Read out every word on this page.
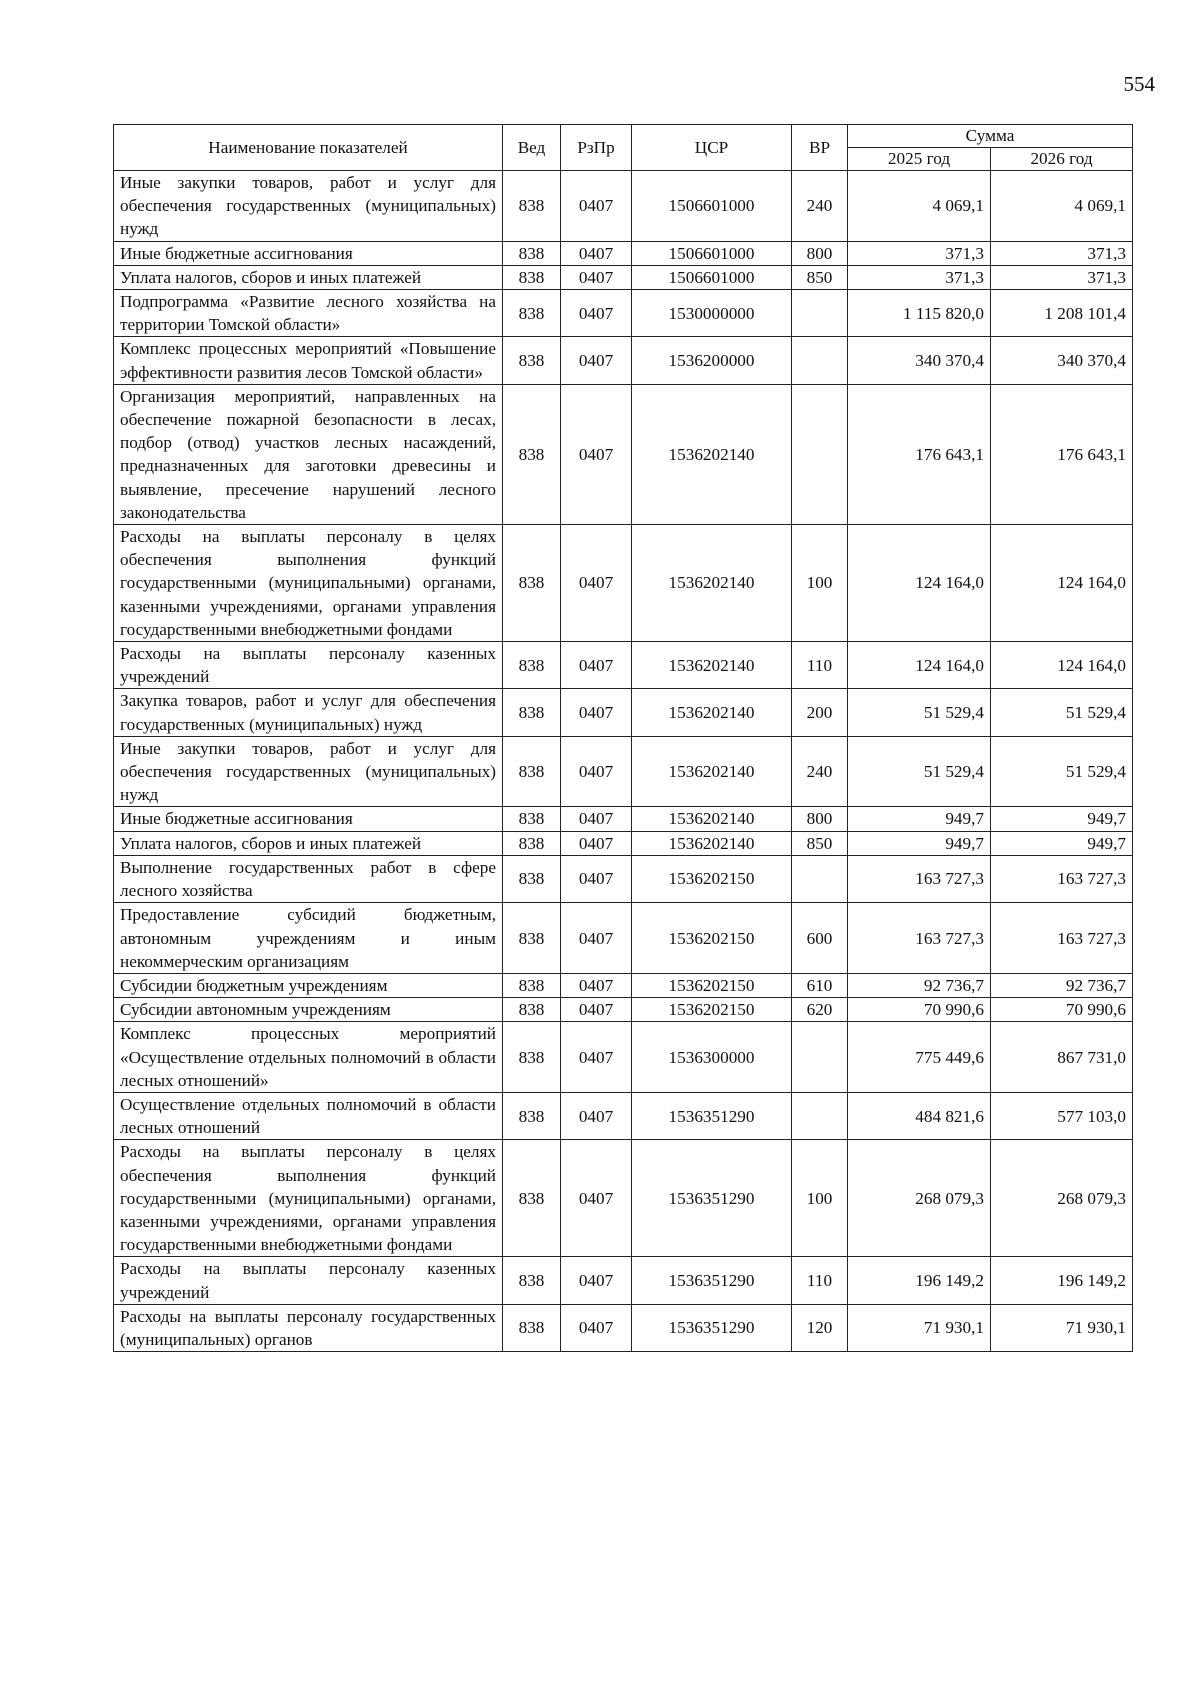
554
Наименование показателей	Вед	РзПр	ЦСР	ВР	Сумма	
					2025 год	2026 год
Иные закупки товаров, работ и услуг для обеспечения государственных (муниципальных) нужд	838	0407	1506601000	240	4 069,1	4 069,1
Иные бюджетные ассигнования	838	0407	1506601000	800	371,3	371,3
Уплата налогов, сборов и иных платежей	838	0407	1506601000	850	371,3	371,3
Подпрограмма «Развитие лесного хозяйства на территории Томской области»	838	0407	1530000000		1 115 820,0	1 208 101,4
Комплекс процессных мероприятий «Повышение эффективности развития лесов Томской области»	838	0407	1536200000		340 370,4	340 370,4
Организация мероприятий, направленных на обеспечение пожарной безопасности в лесах, подбор (отвод) участков лесных насаждений, предназначенных для заготовки древесины и выявление, пресечение нарушений лесного законодательства	838	0407	1536202140		176 643,1	176 643,1
Расходы на выплаты персоналу в целях обеспечения выполнения функций государственными (муниципальными) органами, казенными учреждениями, органами управления государственными внебюджетными фондами	838	0407	1536202140	100	124 164,0	124 164,0
Расходы на выплаты персоналу казенных учреждений	838	0407	1536202140	110	124 164,0	124 164,0
Закупка товаров, работ и услуг для обеспечения государственных (муниципальных) нужд	838	0407	1536202140	200	51 529,4	51 529,4
Иные закупки товаров, работ и услуг для обеспечения государственных (муниципальных) нужд	838	0407	1536202140	240	51 529,4	51 529,4
Иные бюджетные ассигнования	838	0407	1536202140	800	949,7	949,7
Уплата налогов, сборов и иных платежей	838	0407	1536202140	850	949,7	949,7
Выполнение государственных работ в сфере лесного хозяйства	838	0407	1536202150		163 727,3	163 727,3
Предоставление субсидий бюджетным, автономным учреждениям и иным некоммерческим организациям	838	0407	1536202150	600	163 727,3	163 727,3
Субсидии бюджетным учреждениям	838	0407	1536202150	610	92 736,7	92 736,7
Субсидии автономным учреждениям	838	0407	1536202150	620	70 990,6	70 990,6
Комплекс процессных мероприятий «Осуществление отдельных полномочий в области лесных отношений»	838	0407	1536300000		775 449,6	867 731,0
Осуществление отдельных полномочий в области лесных отношений	838	0407	1536351290		484 821,6	577 103,0
Расходы на выплаты персоналу в целях обеспечения выполнения функций государственными (муниципальными) органами, казенными учреждениями, органами управления государственными внебюджетными фондами	838	0407	1536351290	100	268 079,3	268 079,3
Расходы на выплаты персоналу казенных учреждений	838	0407	1536351290	110	196 149,2	196 149,2
Расходы на выплаты персоналу государственных (муниципальных) органов	838	0407	1536351290	120	71 930,1	71 930,1
